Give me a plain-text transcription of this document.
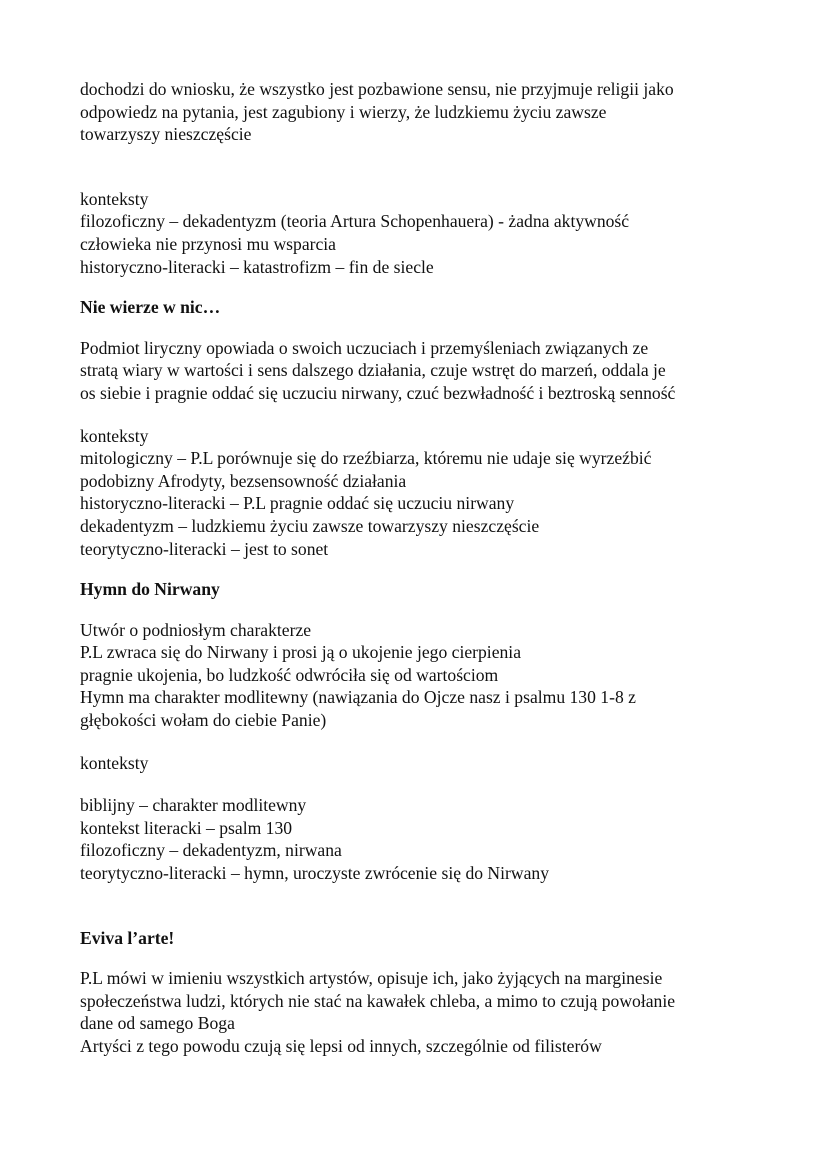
dochodzi do wniosku, że wszystko jest pozbawione sensu, nie przyjmuje religii jako
odpowiedz na pytania, jest zagubiony i wierzy, że ludzkiemu życiu zawsze
towarzyszy nieszczęście
konteksty
filozoficzny – dekadentyzm (teoria Artura Schopenhauera) - żadna aktywność
człowieka nie przynosi mu wsparcia
historyczno-literacki – katastrofizm – fin de siecle
Nie wierze w nic…
Podmiot liryczny opowiada o swoich uczuciach i przemyśleniach związanych ze
stratą wiary w wartości i sens dalszego działania, czuje wstręt do marzeń, oddala je
os siebie i pragnie oddać się uczuciu nirwany, czuć bezwładność i beztroską senność
konteksty
mitologiczny – P.L porównuje się do rzeźbiarza, któremu nie udaje się wyrzeźbić
podobizny Afrodyty, bezsensowność działania
historyczno-literacki – P.L pragnie oddać się uczuciu nirwany
dekadentyzm – ludzkiemu życiu zawsze towarzyszy nieszczęście
teorytyczno-literacki – jest to sonet
Hymn do Nirwany
Utwór o podniosłym charakterze
P.L zwraca się do Nirwany i prosi ją o ukojenie jego cierpienia
pragnie ukojenia, bo ludzkość odwróciła się od wartościom
Hymn ma charakter modlitewny (nawiązania do Ojcze nasz i psalmu 130 1-8 z
głębokości wołam do ciebie Panie)
konteksty
biblijny – charakter modlitewny
kontekst literacki – psalm 130
filozoficzny – dekadentyzm, nirwana
teorytyczno-literacki – hymn, uroczyste zwrócenie się do Nirwany
Eviva l’arte!
P.L mówi w imieniu wszystkich artystów, opisuje ich, jako żyjących na marginesie
społeczeństwa ludzi, których nie stać na kawałek chleba, a mimo to czują powołanie
dane od samego Boga
Artyści z tego powodu czują się lepsi od innych, szczególnie od filisterów
